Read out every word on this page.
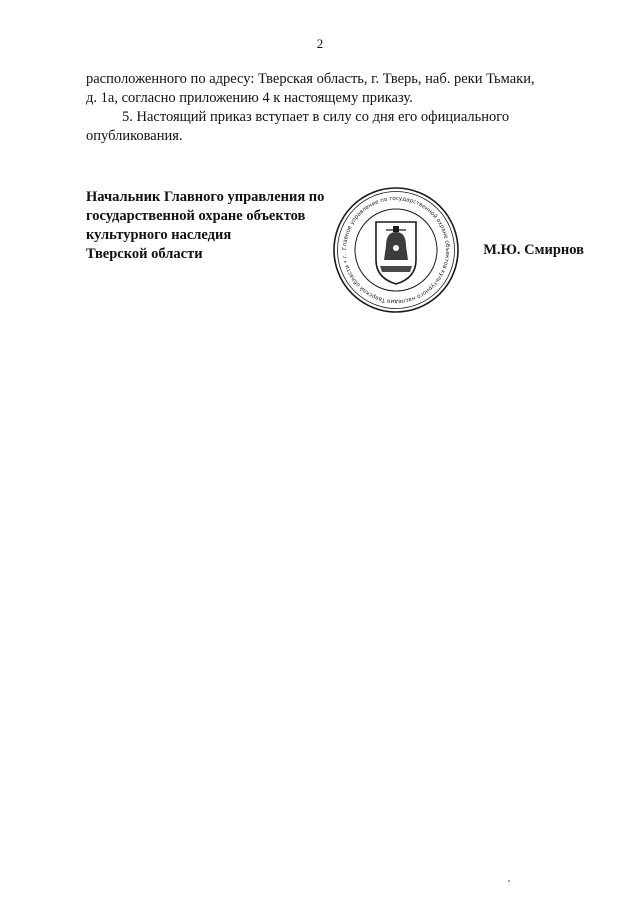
2

расположенного по адресу: Тверская область, г. Тверь, наб. реки Тьмаки,

д. 1а, согласно приложению 4 к настоящему приказу.

5. Настоящий приказ вступает в силу со дня его официального

опубликования.

Начальник Главного управления по
государственной охране объектов
культурного наследия
Тверской области	Главное управление по государственной охране объектов культурного наследия Тверской области • г.	М.Ю. Смирнов
